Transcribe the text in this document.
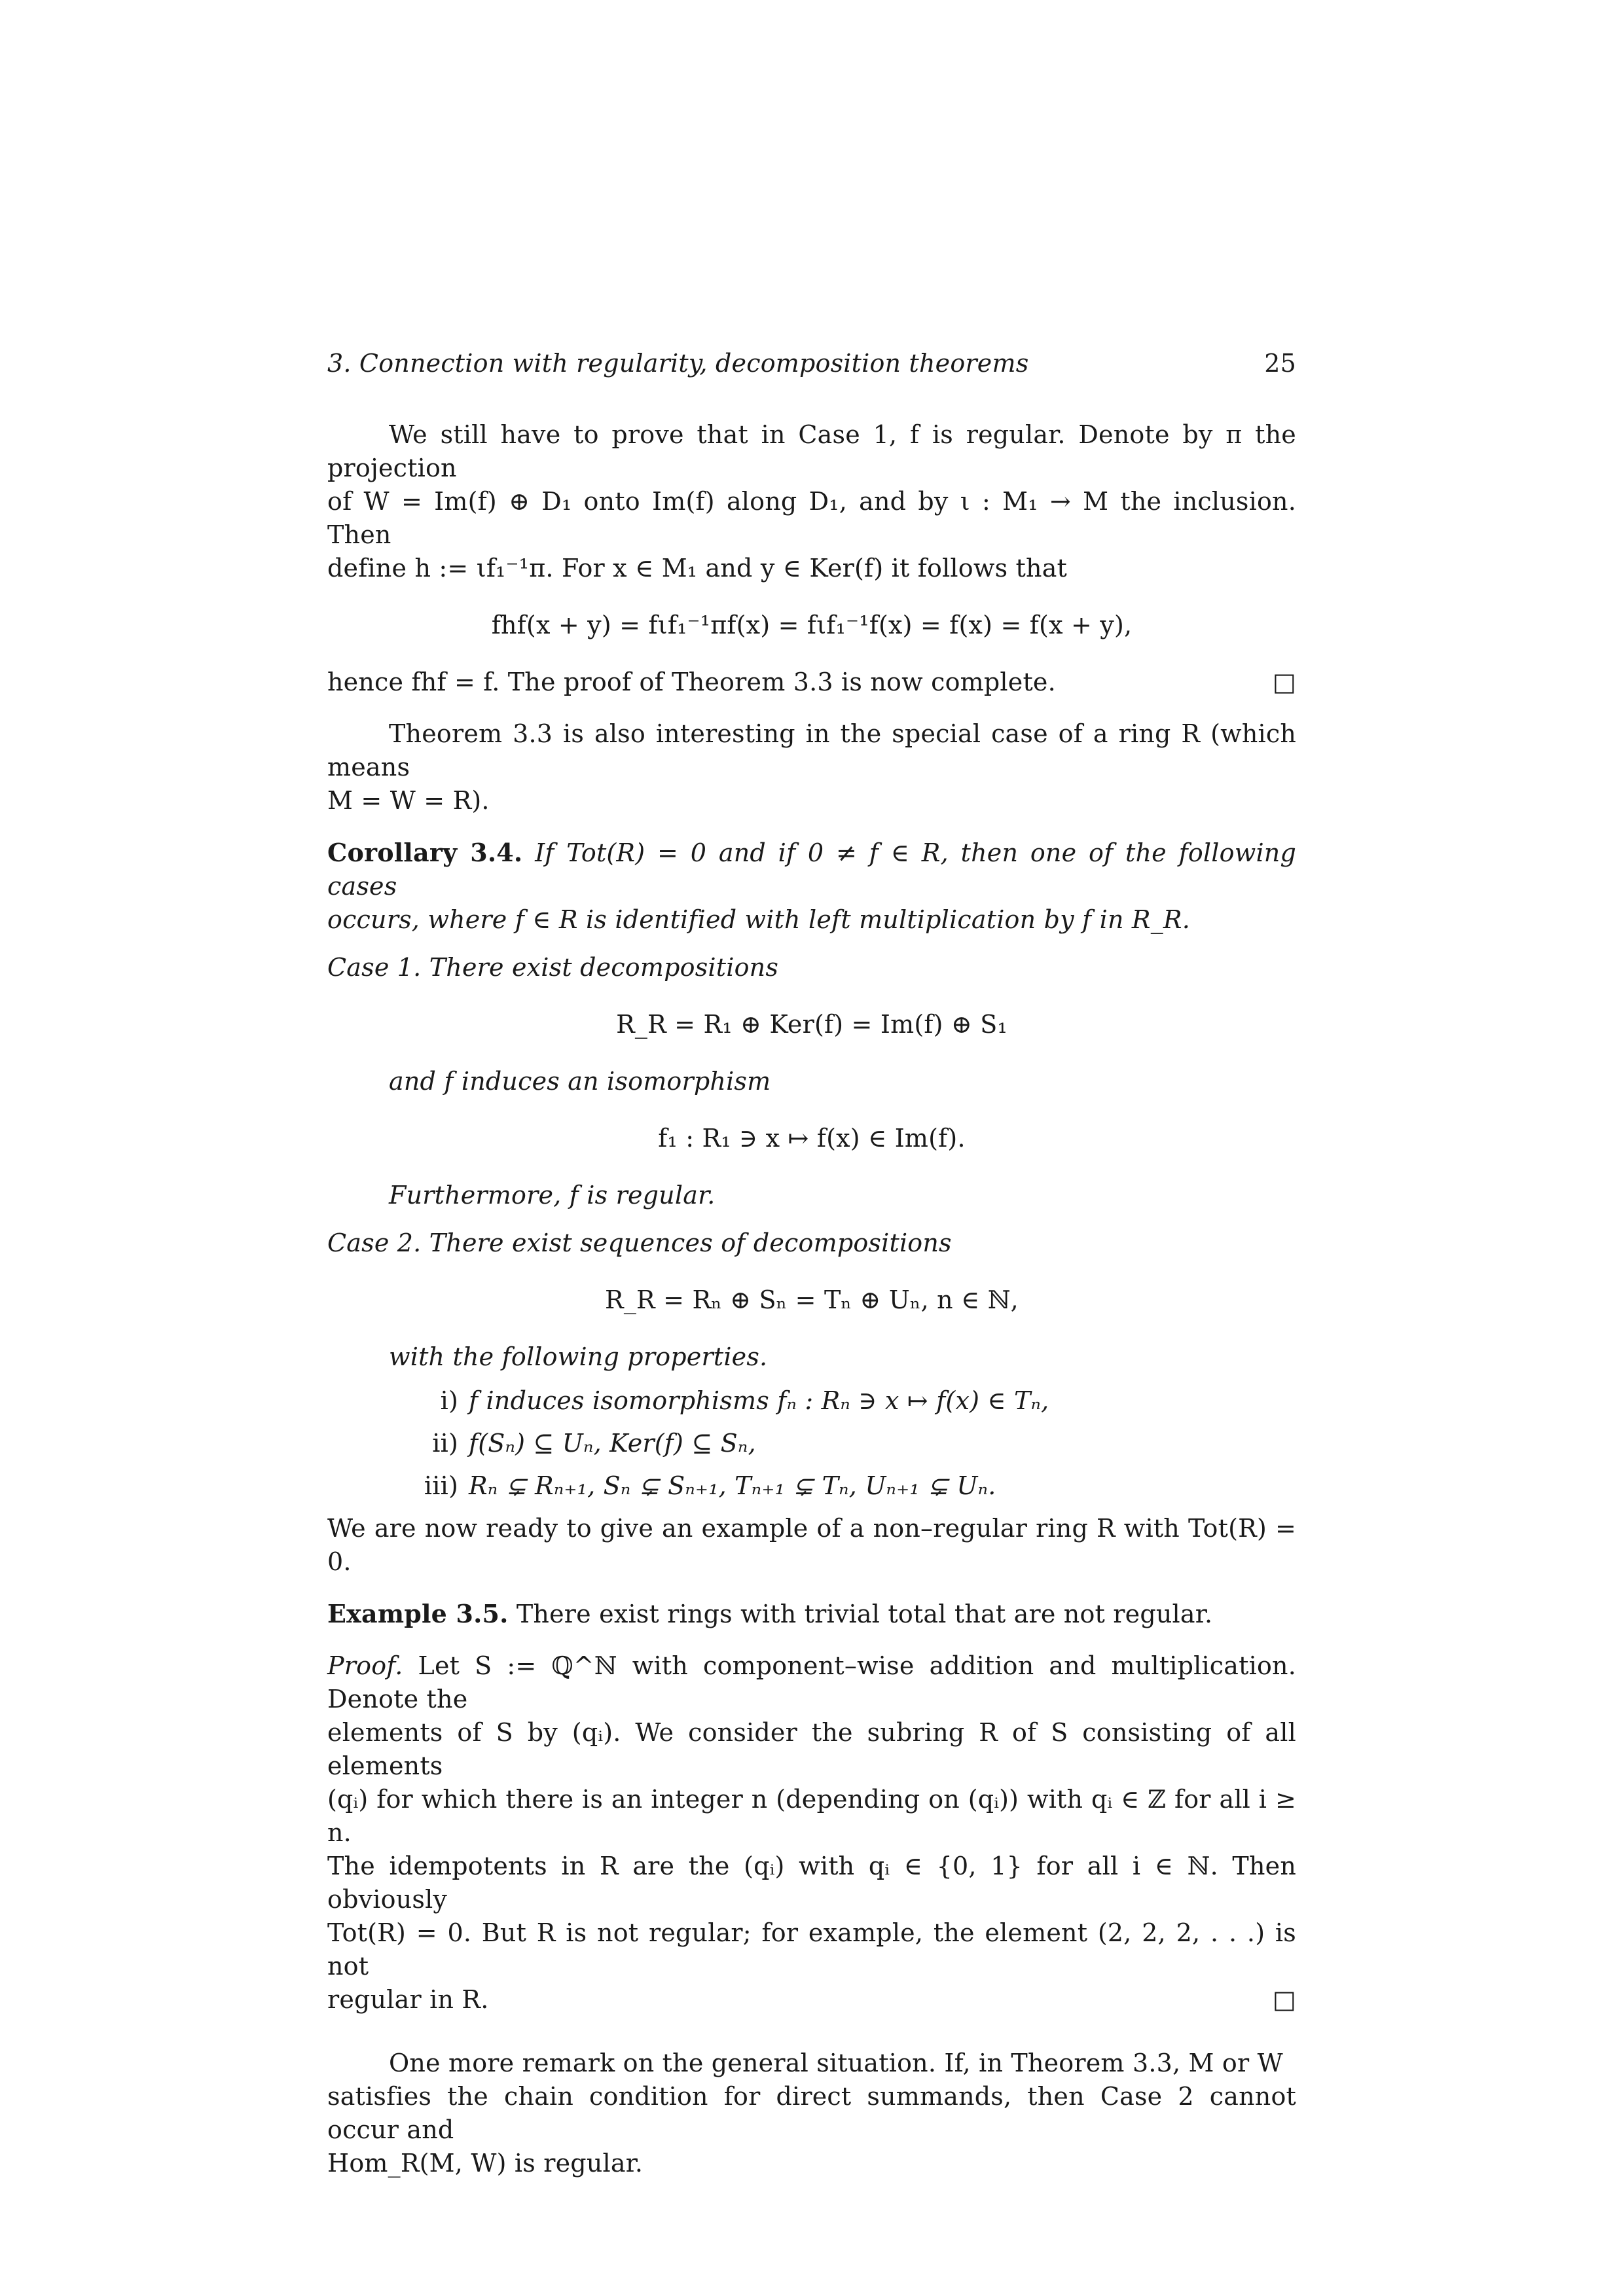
3. Connection with regularity, decomposition theorems	25

We still have to prove that in Case 1, f is regular. Denote by π the projection
of W = Im(f) ⊕ D₁ onto Im(f) along D₁, and by ι : M₁ → M the inclusion. Then
define h := ιf₁⁻¹π. For x ∈ M₁ and y ∈ Ker(f) it follows that

fhf(x + y) = fιf₁⁻¹πf(x) = fιf₁⁻¹f(x) = f(x) = f(x + y),
hence fhf = f. The proof of Theorem 3.3 is now complete.	□

Theorem 3.3 is also interesting in the special case of a ring R (which means
M = W = R).

Corollary 3.4. If Tot(R) = 0 and if 0 ≠ f ∈ R, then one of the following cases
occurs, where f ∈ R is identified with left multiplication by f in R_R.

Case 1. There exist decompositions
R_R = R₁ ⊕ Ker(f) = Im(f) ⊕ S₁
and f induces an isomorphism
f₁ : R₁ ∋ x ↦ f(x) ∈ Im(f).
Furthermore, f is regular.
Case 2. There exist sequences of decompositions
R_R = Rₙ ⊕ Sₙ = Tₙ ⊕ Uₙ, n ∈ ℕ,
with the following properties.
i) f induces isomorphisms fₙ : Rₙ ∋ x ↦ f(x) ∈ Tₙ,
ii) f(Sₙ) ⊆ Uₙ, Ker(f) ⊆ Sₙ,
iii) Rₙ ⊊ Rₙ₊₁, Sₙ ⊊ Sₙ₊₁, Tₙ₊₁ ⊊ Tₙ, Uₙ₊₁ ⊊ Uₙ.

We are now ready to give an example of a non–regular ring R with Tot(R) = 0.

Example 3.5. There exist rings with trivial total that are not regular.

Proof. Let S := ℚ^ℕ with component–wise addition and multiplication. Denote the
elements of S by (qᵢ). We consider the subring R of S consisting of all elements
(qᵢ) for which there is an integer n (depending on (qᵢ)) with qᵢ ∈ ℤ for all i ≥ n.
The idempotents in R are the (qᵢ) with qᵢ ∈ {0, 1} for all i ∈ ℕ. Then obviously
Tot(R) = 0. But R is not regular; for example, the element (2, 2, 2, . . .) is not

regular in R.	□

One more remark on the general situation. If, in Theorem 3.3, M or W
satisfies the chain condition for direct summands, then Case 2 cannot occur and
Hom_R(M, W) is regular.
